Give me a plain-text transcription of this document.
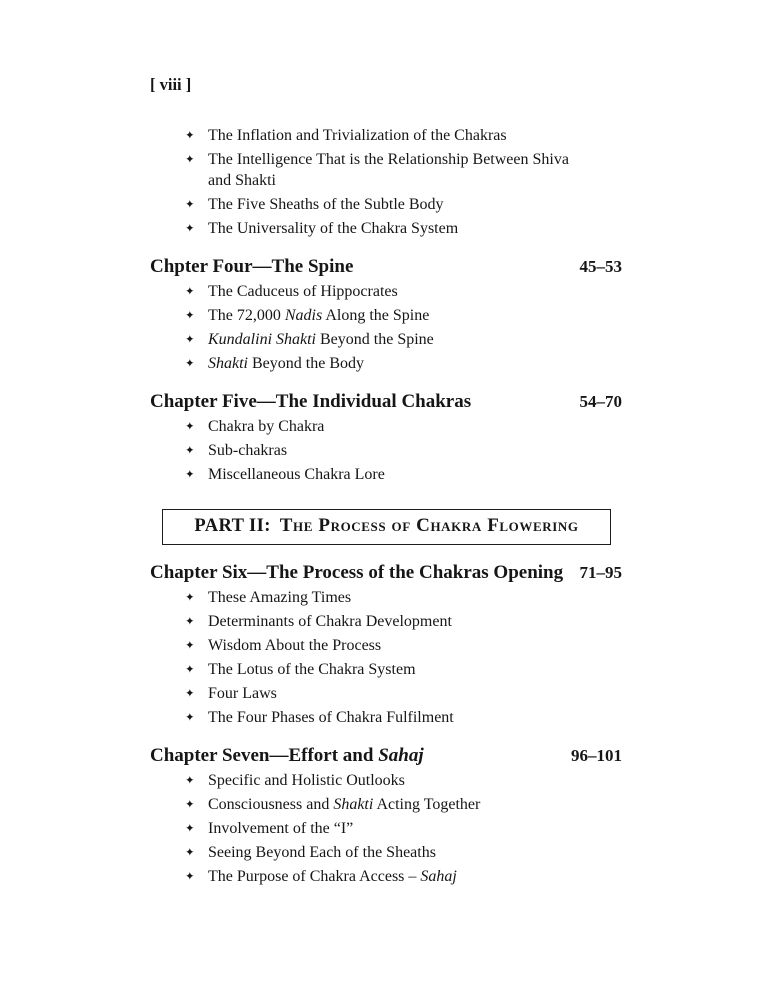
[ viii ]
✦ The Inflation and Trivialization of the Chakras
✦ The Intelligence That is the Relationship Between Shiva and Shakti
✦ The Five Sheaths of the Subtle Body
✦ The Universality of the Chakra System
Chpter Four—The Spine	45–53
✦ The Caduceus of Hippocrates
✦ The 72,000 Nadis Along the Spine
✦ Kundalini Shakti Beyond the Spine
✦ Shakti Beyond the Body
Chapter Five—The Individual Chakras	54–70
✦ Chakra by Chakra
✦ Sub-chakras
✦ Miscellaneous Chakra Lore
PART II: The Process of Chakra Flowering
Chapter Six—The Process of the Chakras Opening 71–95
✦ These Amazing Times
✦ Determinants of Chakra Development
✦ Wisdom About the Process
✦ The Lotus of the Chakra System
✦ Four Laws
✦ The Four Phases of Chakra Fulfilment
Chapter Seven—Effort and Sahaj	96–101
✦ Specific and Holistic Outlooks
✦ Consciousness and Shakti Acting Together
✦ Involvement of the “I”
✦ Seeing Beyond Each of the Sheaths
✦ The Purpose of Chakra Access – Sahaj
